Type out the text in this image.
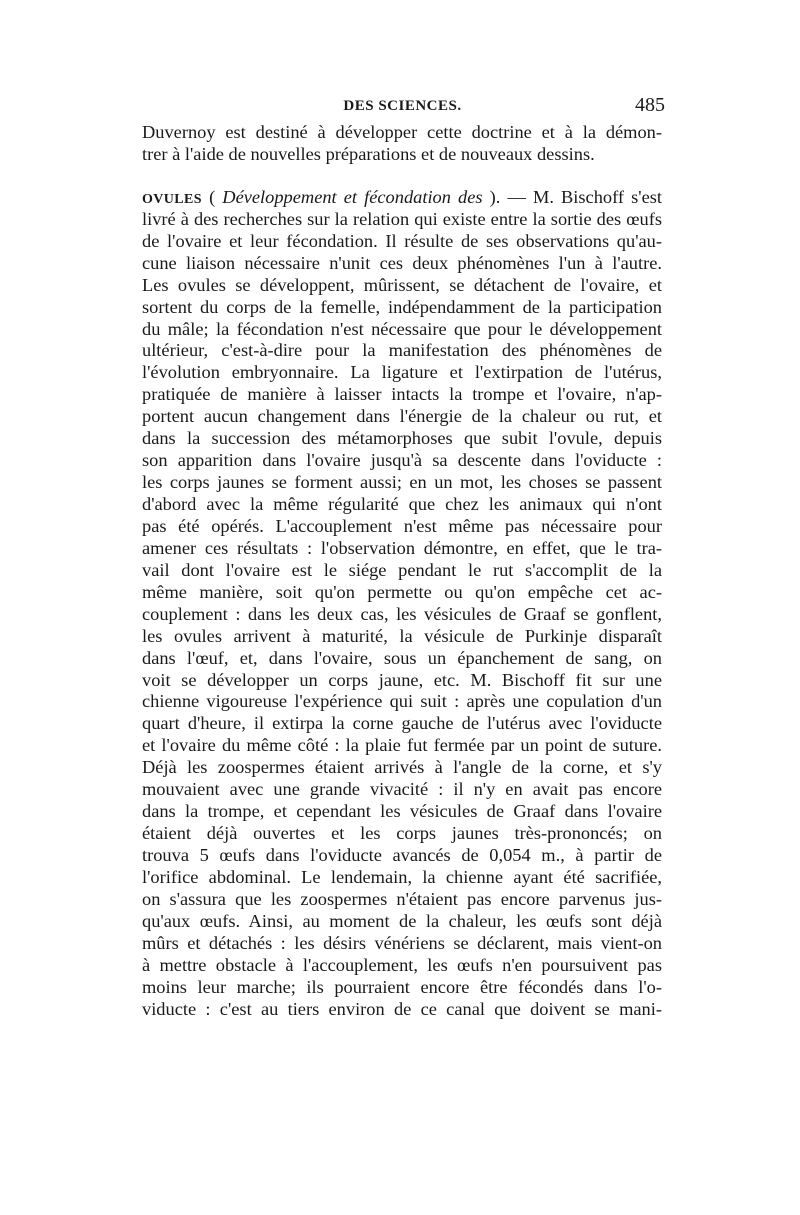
DES SCIENCES.	485
Duvernoy est destiné à développer cette doctrine et à la démon-
trer à l'aide de nouvelles préparations et de nouveaux dessins.
OVULES ( Développement et fécondation des ). — M. Bischoff s'est
livré à des recherches sur la relation qui existe entre la sortie des œufs
de l'ovaire et leur fécondation. Il résulte de ses observations qu'au-
cune liaison nécessaire n'unit ces deux phénomènes l'un à l'autre.
Les ovules se développent, mûrissent, se détachent de l'ovaire, et
sortent du corps de la femelle, indépendamment de la participation
du mâle; la fécondation n'est nécessaire que pour le développement
ultérieur, c'est-à-dire pour la manifestation des phénomènes de
l'évolution embryonnaire. La ligature et l'extirpation de l'utérus,
pratiquée de manière à laisser intacts la trompe et l'ovaire, n'ap-
portent aucun changement dans l'énergie de la chaleur ou rut, et
dans la succession des métamorphoses que subit l'ovule, depuis
son apparition dans l'ovaire jusqu'à sa descente dans l'oviducte :
les corps jaunes se forment aussi; en un mot, les choses se passent
d'abord avec la même régularité que chez les animaux qui n'ont
pas été opérés. L'accouplement n'est même pas nécessaire pour
amener ces résultats : l'observation démontre, en effet, que le tra-
vail dont l'ovaire est le siége pendant le rut s'accomplit de la
même manière, soit qu'on permette ou qu'on empêche cet ac-
couplement : dans les deux cas, les vésicules de Graaf se gonflent,
les ovules arrivent à maturité, la vésicule de Purkinje disparaît
dans l'œuf, et, dans l'ovaire, sous un épanchement de sang, on
voit se développer un corps jaune, etc. M. Bischoff fit sur une
chienne vigoureuse l'expérience qui suit : après une copulation d'un
quart d'heure, il extirpa la corne gauche de l'utérus avec l'oviducte
et l'ovaire du même côté : la plaie fut fermée par un point de suture.
Déjà les zoospermes étaient arrivés à l'angle de la corne, et s'y
mouvaient avec une grande vivacité : il n'y en avait pas encore
dans la trompe, et cependant les vésicules de Graaf dans l'ovaire
étaient déjà ouvertes et les corps jaunes très-prononcés; on
trouva 5 œufs dans l'oviducte avancés de 0,054 m., à partir de
l'orifice abdominal. Le lendemain, la chienne ayant été sacrifiée,
on s'assura que les zoospermes n'étaient pas encore parvenus jus-
qu'aux œufs. Ainsi, au moment de la chaleur, les œufs sont déjà
mûrs et détachés : les désirs vénériens se déclarent, mais vient-on
à mettre obstacle à l'accouplement, les œufs n'en poursuivent pas
moins leur marche; ils pourraient encore être fécondés dans l'o-
viducte : c'est au tiers environ de ce canal que doivent se mani-
